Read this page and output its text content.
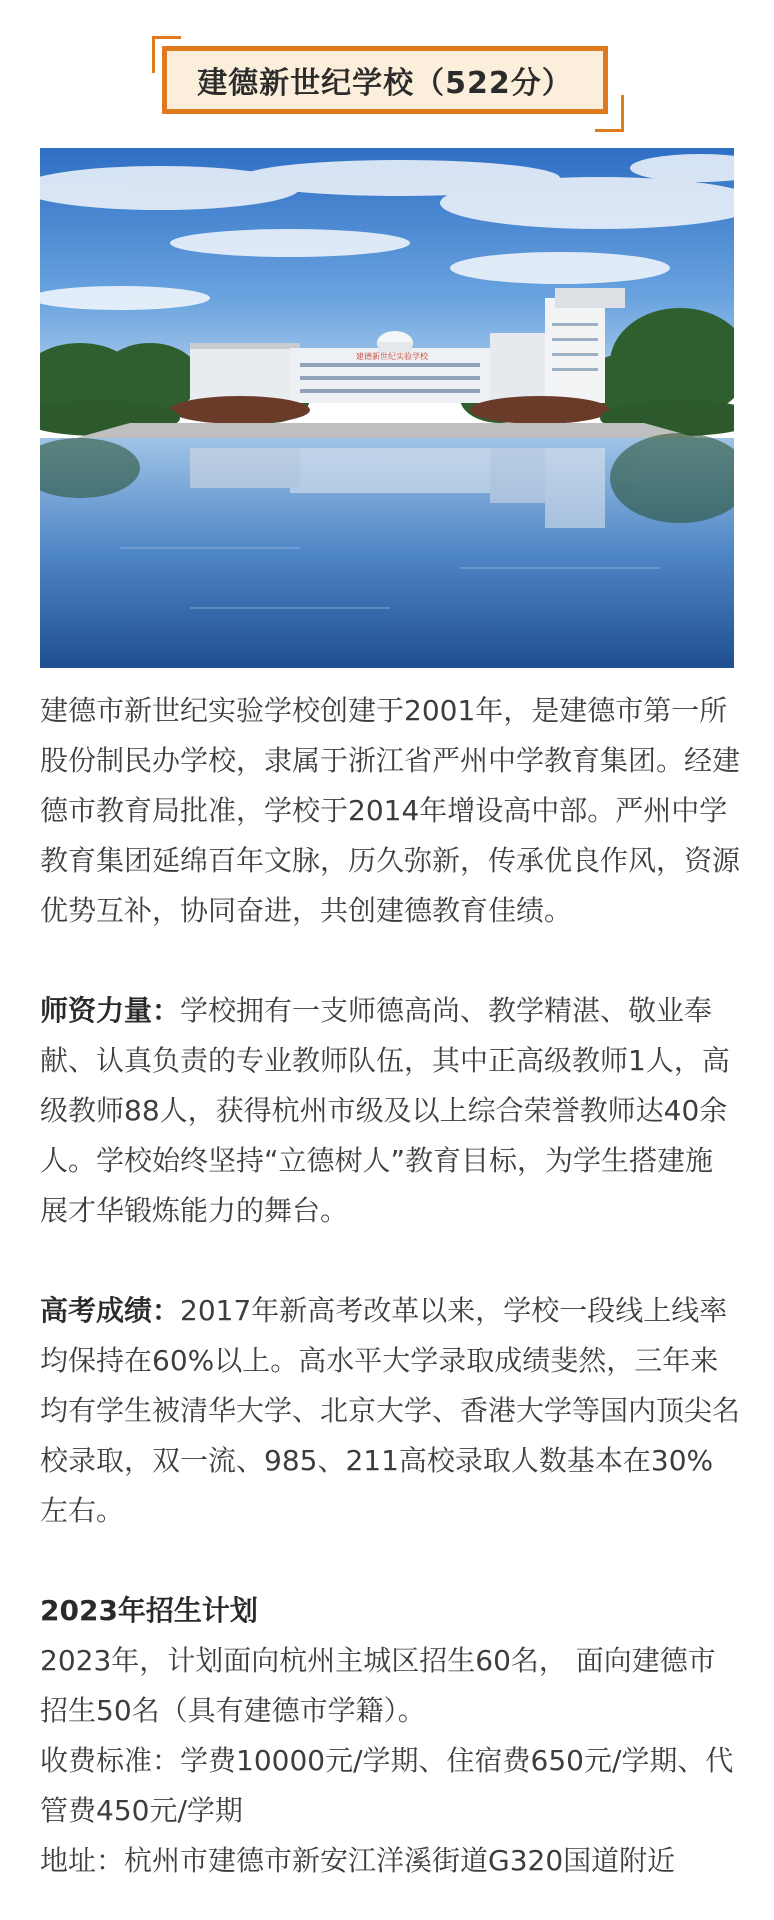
建德新世纪学校（522分）
建德新世纪实验学校

建德市新世纪实验学校创建于2001年，是建德市第一所股份制民办学校，隶属于浙江省严州中学教育集团。经建德市教育局批准，学校于2014年增设高中部。严州中学教育集团延绵百年文脉，历久弥新，传承优良作风，资源优势互补，协同奋进，共创建德教育佳绩。

师资力量：学校拥有一支师德高尚、教学精湛、敬业奉献、认真负责的专业教师队伍，其中正高级教师1人，高级教师88人，获得杭州市级及以上综合荣誉教师达40余人。学校始终坚持“立德树人”教育目标，为学生搭建施展才华锻炼能力的舞台。

高考成绩：2017年新高考改革以来，学校一段线上线率均保持在60%以上。高水平大学录取成绩斐然，三年来均有学生被清华大学、北京大学、香港大学等国内顶尖名校录取，双一流、985、211高校录取人数基本在30%左右。

2023年招生计划

2023年，计划面向杭州主城区招生60名， 面向建德市招生50名（具有建德市学籍）。

收费标准：学费10000元/学期、住宿费650元/学期、代管费450元/学期

地址：杭州市建德市新安江洋溪街道G320国道附近
